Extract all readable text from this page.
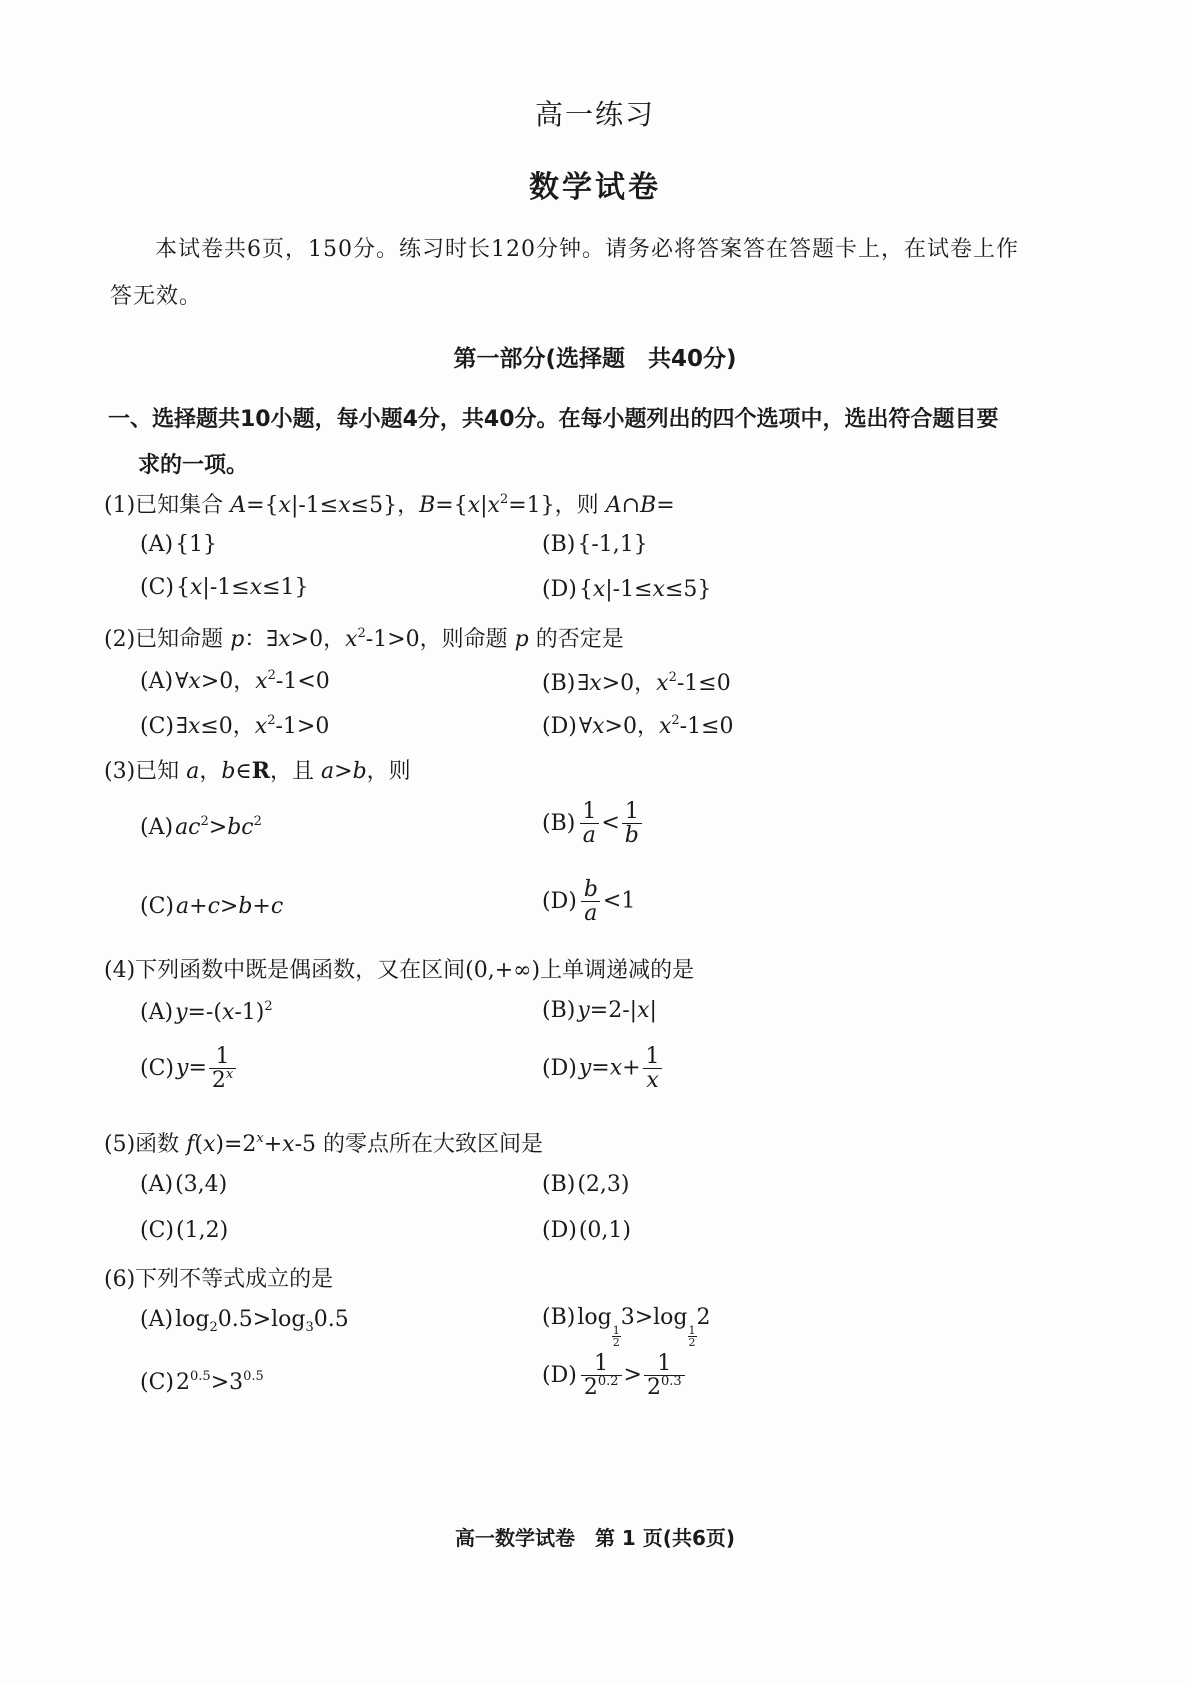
高一练习
数学试卷
本试卷共6页，150分。练习时长120分钟。请务必将答案答在答题卡上，在试卷上作
答无效。
第一部分(选择题　共40分)
一、选择题共10小题，每小题4分，共40分。在每小题列出的四个选项中，选出符合题目要
求的一项。
(1)已知集合 A={x|-1≤x≤5}，$B=\{x|x^2=1\}$，则 A∩B=
(A){1}	(B){-1,1}
(C){x|-1≤x≤1}	(D){x|-1≤x≤5}
(2)已知命题 p：∃x>0，$x^2-1>0$，则命题 p 的否定是
(A)∀x>0，$x^2-1<0$	(B)∃x>0，$x^2-1\le 0$
(C)∃x≤0，$x^2-1>0$	(D)∀x>0，$x^2-1\le 0$
(3)已知 a，b∈R，且 a>b，则
$(A)ac^2>bc^2$	$(B) \frac{1}{a} < \frac{1}{b}$
(C)a+c>b+c	$(D) \frac{b}{a} <1$
(4)下列函数中既是偶函数，又在区间(0,+∞)上单调递减的是
$(A)y=-(x-1)^2$	(B)y=2-|x|
$(C)y= \frac{1}{2^x}$	$(D)y=x+ \frac{1}{x}$
(5)函数 $f(x)=2^x+x-5$ 的零点所在大致区间是
(A)(3,4)	(B)(2,3)
(C)(1,2)	(D)(0,1)
(6)下列不等式成立的是
$(A)\log_20.5>\log_30.5$	(B)log
$\frac{1}{2}$
3>log
$\frac{1}{2}$
2
$(C)2^{0.5}>3^{0.5}$	$(D) \frac{1}{2^{0.2}} > \frac{1}{2^{0.3}}$
高一数学试卷　第 1 页(共6页)
